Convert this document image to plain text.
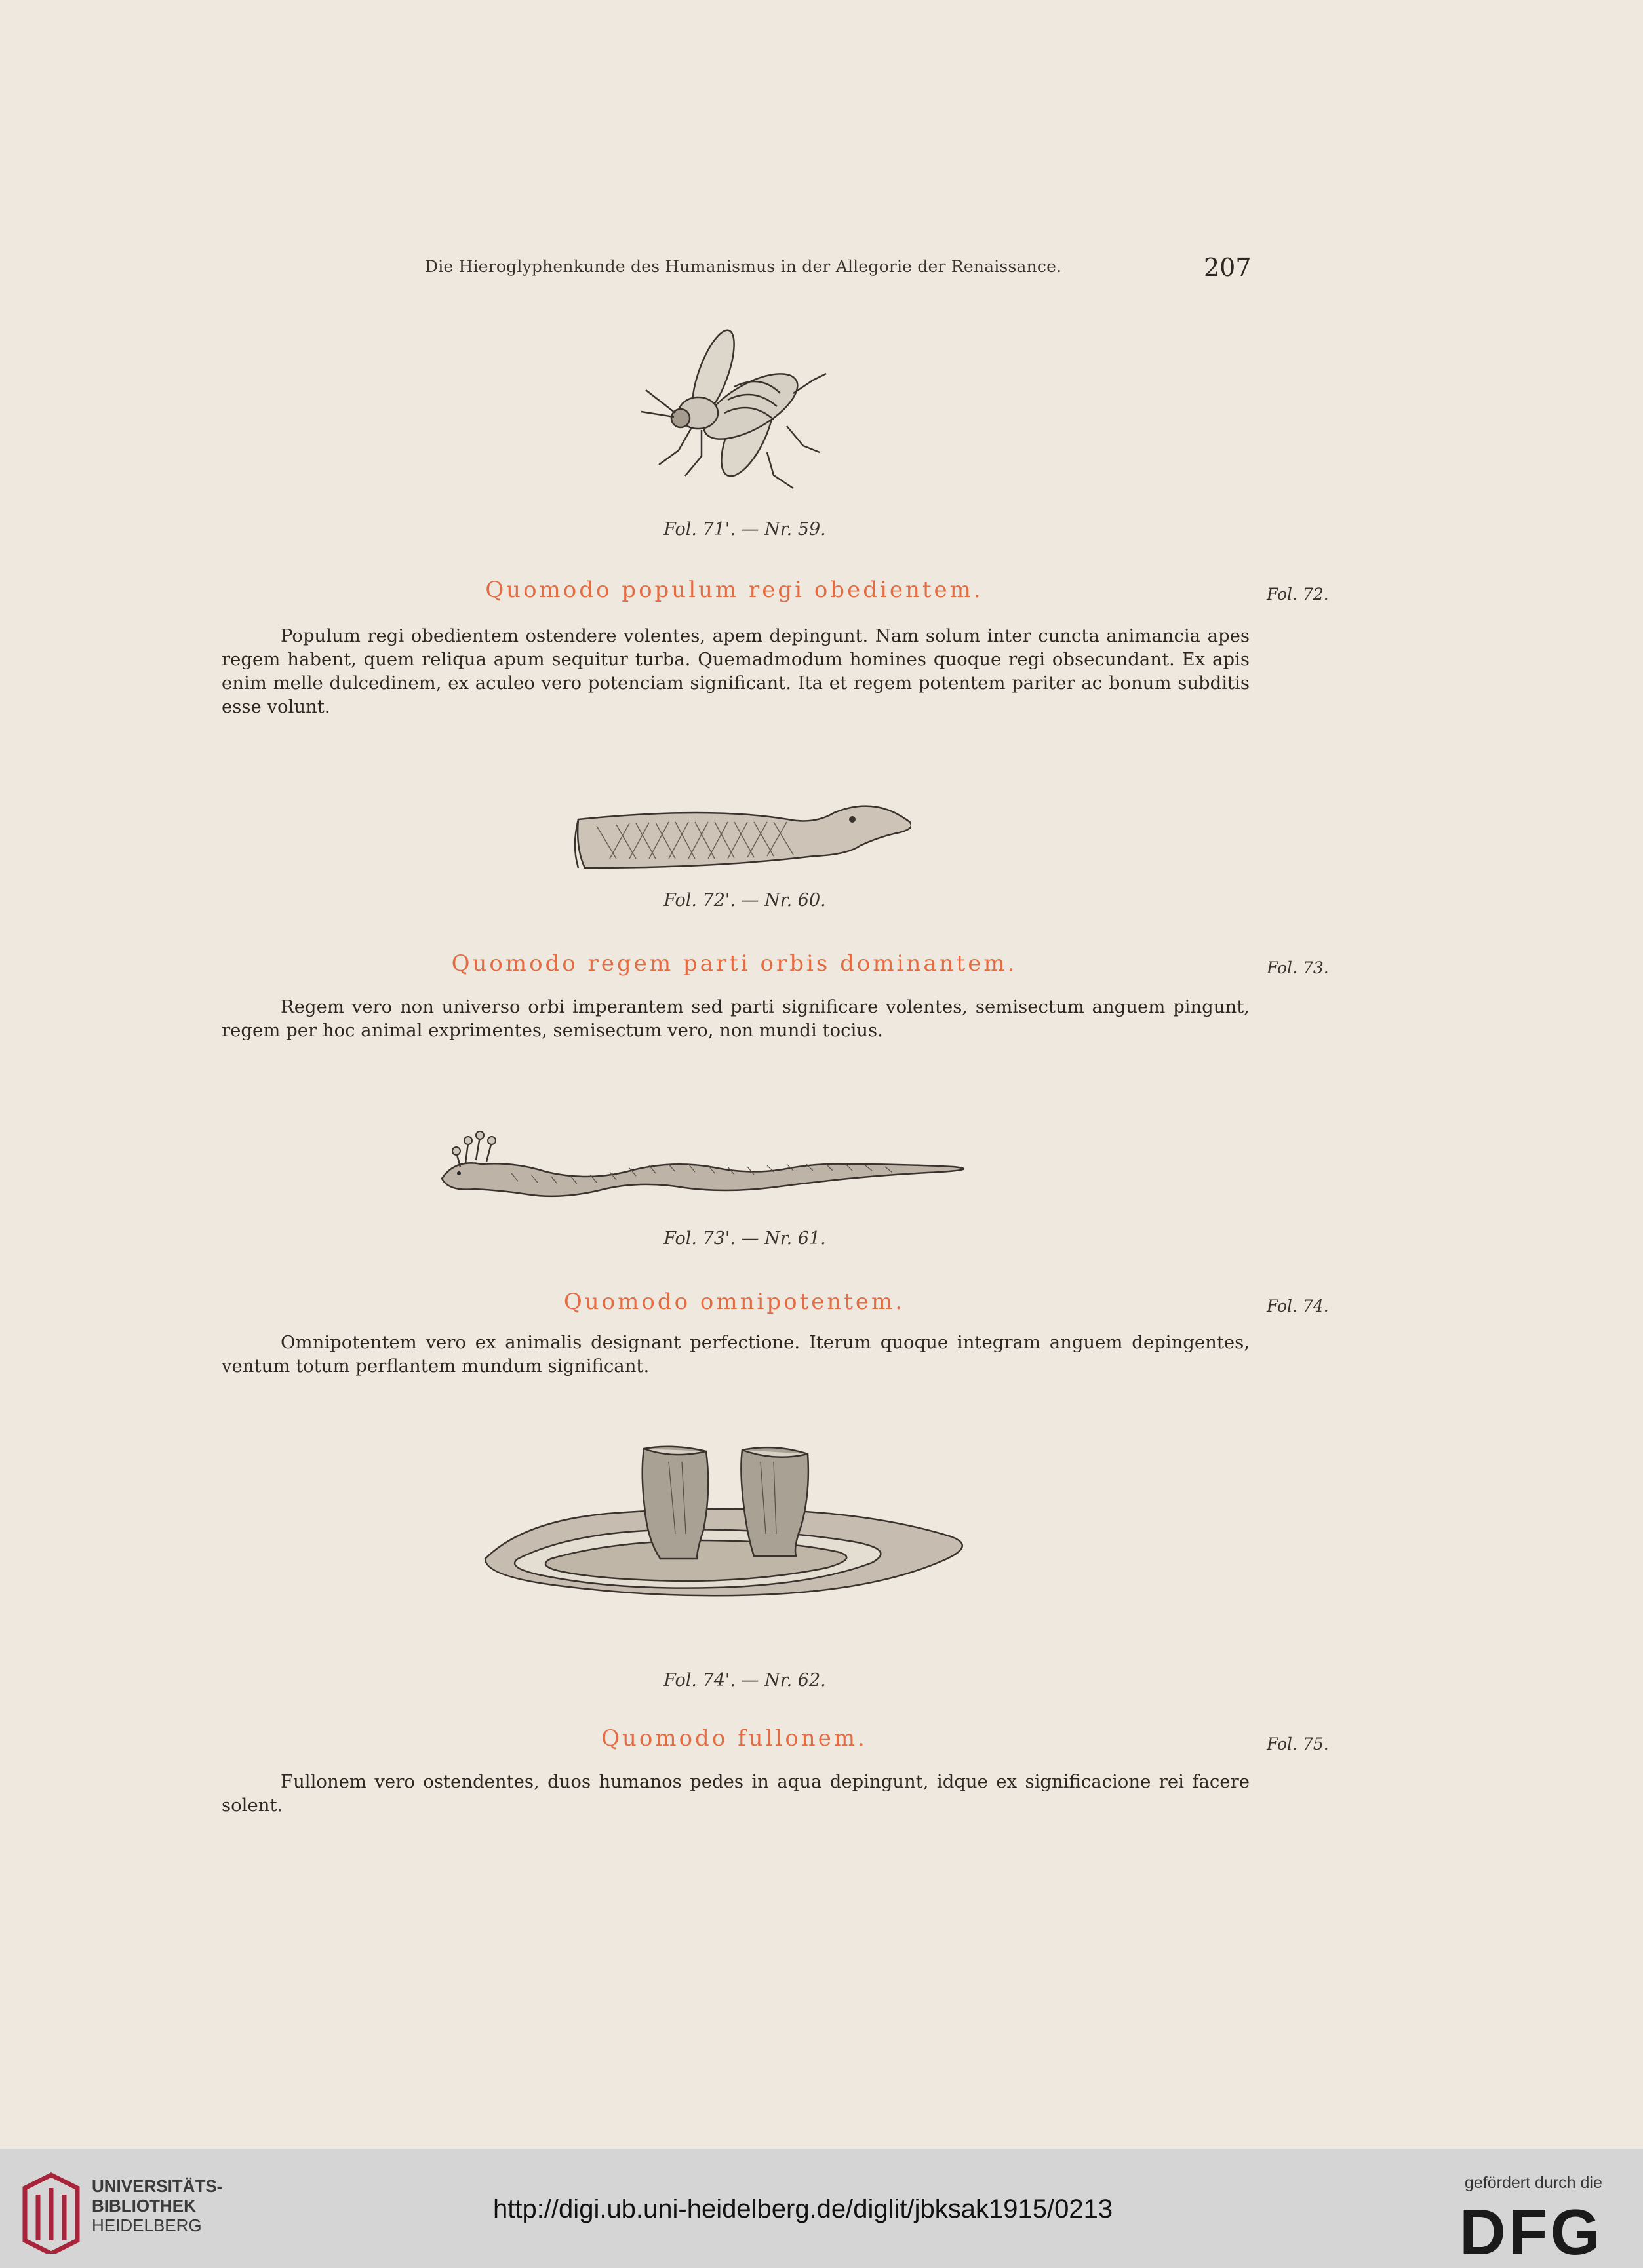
Die Hieroglyphenkunde des Humanismus in der Allegorie der Renaissance.	207
Fol. 71'. — Nr. 59.
Quomodo populum regi obedientem.	Fol. 72.

Populum regi obedientem ostendere volentes, apem depingunt. Nam solum inter cuncta animancia apes regem habent, quem reliqua apum sequitur turba. Quemadmodum homines quoque regi obsecundant. Ex apis enim melle dulcedinem, ex aculeo vero potenciam significant. Ita et regem potentem pariter ac bonum subditis esse volunt.

Fol. 72'. — Nr. 60.
Quomodo regem parti orbis dominantem.	Fol. 73.

Regem vero non universo orbi imperantem sed parti significare volentes, semisectum anguem pingunt, regem per hoc animal exprimentes, semisectum vero, non mundi tocius.

Fol. 73'. — Nr. 61.
Quomodo omnipotentem.	Fol. 74.

Omnipotentem vero ex animalis designant perfectione. Iterum quoque integram anguem depingentes, ventum totum perflantem mundum significant.

Fol. 74'. — Nr. 62.
Quomodo fullonem.	Fol. 75.

Fullonem vero ostendentes, duos humanos pedes in aqua depingunt, idque ex significacione rei facere solent.

UNIVERSITÄTS-
BIBLIOTHEK
HEIDELBERG
http://digi.ub.uni-heidelberg.de/diglit/jbksak1915/0213
gefördert durch die
DFG
